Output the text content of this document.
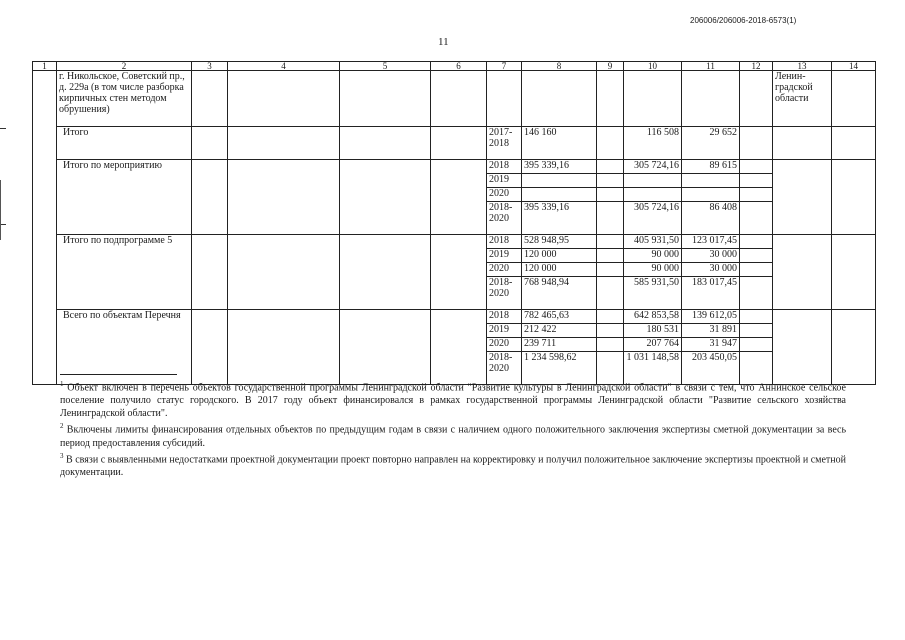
206006/206006-2018-6573(1)
11
1	2	3	4	5	6	7	8	9	10	11	12	13	14
	г. Никольское, Советский пр., д. 229а (в том числе разборка кирпичных стен методом обрушения)											Ленин-градской области	
	Итого					2017-2018	146 160		116 508	29 652			
	Итого по мероприятию					2018	395 339,16		305 724,16	89 615			
						2019							
						2020							
						2018-2020	395 339,16		305 724,16	86 408			
	Итого по подпрограмме 5					2018	528 948,95		405 931,50	123 017,45			
						2019	120 000		90 000	30 000			
						2020	120 000		90 000	30 000			
						2018-2020	768 948,94		585 931,50	183 017,45			
	Всего по объектам Перечня					2018	782 465,63		642 853,58	139 612,05			
						2019	212 422		180 531	31 891			
						2020	239 711		207 764	31 947			
						2018-2020	1 234 598,62		1 031 148,58	203 450,05			

$^1$ Объект включен в перечень объектов государственной программы Ленинградской области "Развитие культуры в Ленинградской области" в связи с тем, что Аннинское сельское поселение получило статус городского. В 2017 году объект финансировался в рамках государственной программы Ленинградской области "Развитие сельского хозяйства Ленинградской области".

$^2$ Включены лимиты финансирования отдельных объектов по предыдущим годам в связи с наличием одного положительного заключения экспертизы сметной документации за весь период предоставления субсидий.

$^3$ В связи с выявленными недостатками проектной документации проект повторно направлен на корректировку и получил положительное заключение экспертизы проектной и сметной документации.
